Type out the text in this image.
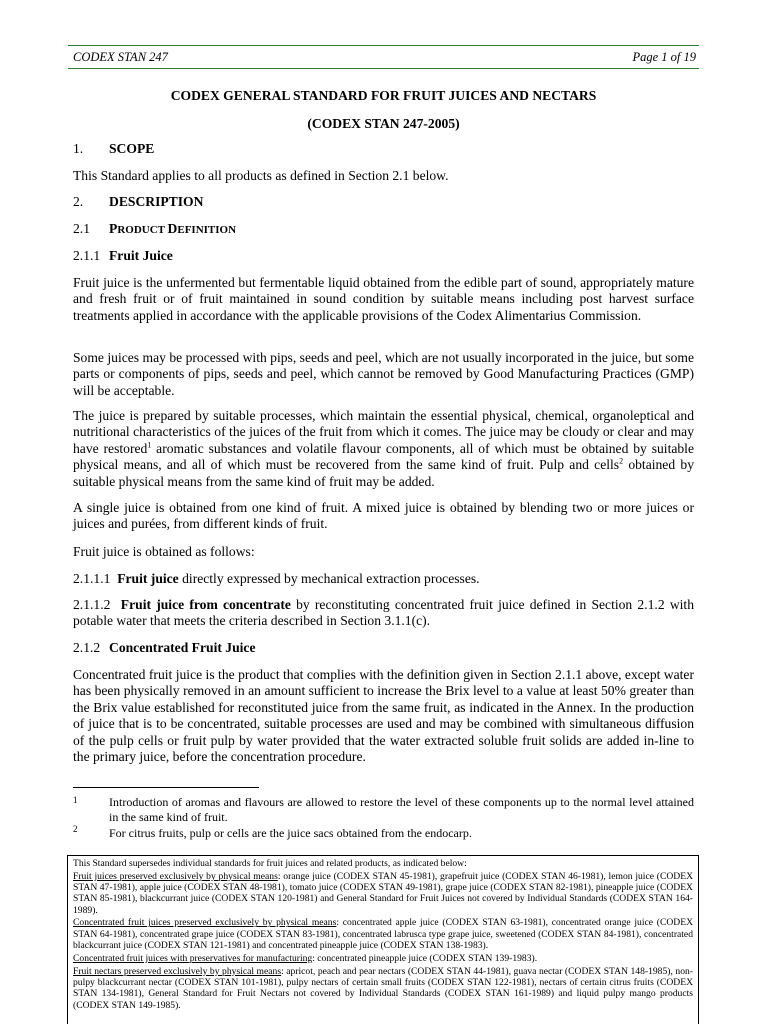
CODEX STAN 247	Page 1 of 19
CODEX GENERAL STANDARD FOR FRUIT JUICES AND NECTARS
(CODEX STAN 247-2005)
1. SCOPE
This Standard applies to all products as defined in Section 2.1 below.
2. DESCRIPTION
2.1 PRODUCT DEFINITION
2.1.1 Fruit Juice
Fruit juice is the unfermented but fermentable liquid obtained from the edible part of sound, appropriately mature and fresh fruit or of fruit maintained in sound condition by suitable means including post harvest surface treatments applied in accordance with the applicable provisions of the Codex Alimentarius Commission.
Some juices may be processed with pips, seeds and peel, which are not usually incorporated in the juice, but some parts or components of pips, seeds and peel, which cannot be removed by Good Manufacturing Practices (GMP) will be acceptable.
The juice is prepared by suitable processes, which maintain the essential physical, chemical, organoleptical and nutritional characteristics of the juices of the fruit from which it comes. The juice may be cloudy or clear and may have restored$^1$ aromatic substances and volatile flavour components, all of which must be obtained by suitable physical means, and all of which must be recovered from the same kind of fruit. Pulp and cells$^2$ obtained by suitable physical means from the same kind of fruit may be added.
A single juice is obtained from one kind of fruit. A mixed juice is obtained by blending two or more juices or juices and purées, from different kinds of fruit.
Fruit juice is obtained as follows:
2.1.1.1 Fruit juice directly expressed by mechanical extraction processes.
2.1.1.2 Fruit juice from concentrate by reconstituting concentrated fruit juice defined in Section 2.1.2 with potable water that meets the criteria described in Section 3.1.1(c).
2.1.2 Concentrated Fruit Juice
Concentrated fruit juice is the product that complies with the definition given in Section 2.1.1 above, except water has been physically removed in an amount sufficient to increase the Brix level to a value at least 50% greater than the Brix value established for reconstituted juice from the same fruit, as indicated in the Annex. In the production of juice that is to be concentrated, suitable processes are used and may be combined with simultaneous diffusion of the pulp cells or fruit pulp by water provided that the water extracted soluble fruit solids are added in-line to the primary juice, before the concentration procedure.
1	Introduction of aromas and flavours are allowed to restore the level of these components up to the normal level attained in the same kind of fruit.
2	For citrus fruits, pulp or cells are the juice sacs obtained from the endocarp.

This Standard supersedes individual standards for fruit juices and related products, as indicated below:

Fruit juices preserved exclusively by physical means: orange juice (CODEX STAN 45-1981), grapefruit juice (CODEX STAN 46-1981), lemon juice (CODEX STAN 47-1981), apple juice (CODEX STAN 48-1981), tomato juice (CODEX STAN 49-1981), grape juice (CODEX STAN 82-1981), pineapple juice (CODEX STAN 85-1981), blackcurrant juice (CODEX STAN 120-1981) and General Standard for Fruit Juices not covered by Individual Standards (CODEX STAN 164-1989).

Concentrated fruit juices preserved exclusively by physical means: concentrated apple juice (CODEX STAN 63-1981), concentrated orange juice (CODEX STAN 64-1981), concentrated grape juice (CODEX STAN 83-1981), concentrated labrusca type grape juice, sweetened (CODEX STAN 84-1981), concentrated blackcurrant juice (CODEX STAN 121-1981) and concentrated pineapple juice (CODEX STAN 138-1983).

Concentrated fruit juices with preservatives for manufacturing: concentrated pineapple juice (CODEX STAN 139-1983).

Fruit nectars preserved exclusively by physical means: apricot, peach and pear nectars (CODEX STAN 44-1981), guava nectar (CODEX STAN 148-1985), non-pulpy blackcurrant nectar (CODEX STAN 101-1981), pulpy nectars of certain small fruits (CODEX STAN 122-1981), nectars of certain citrus fruits (CODEX STAN 134-1981), General Standard for Fruit Nectars not covered by Individual Standards (CODEX STAN 161-1989) and liquid pulpy mango products (CODEX STAN 149-1985).
